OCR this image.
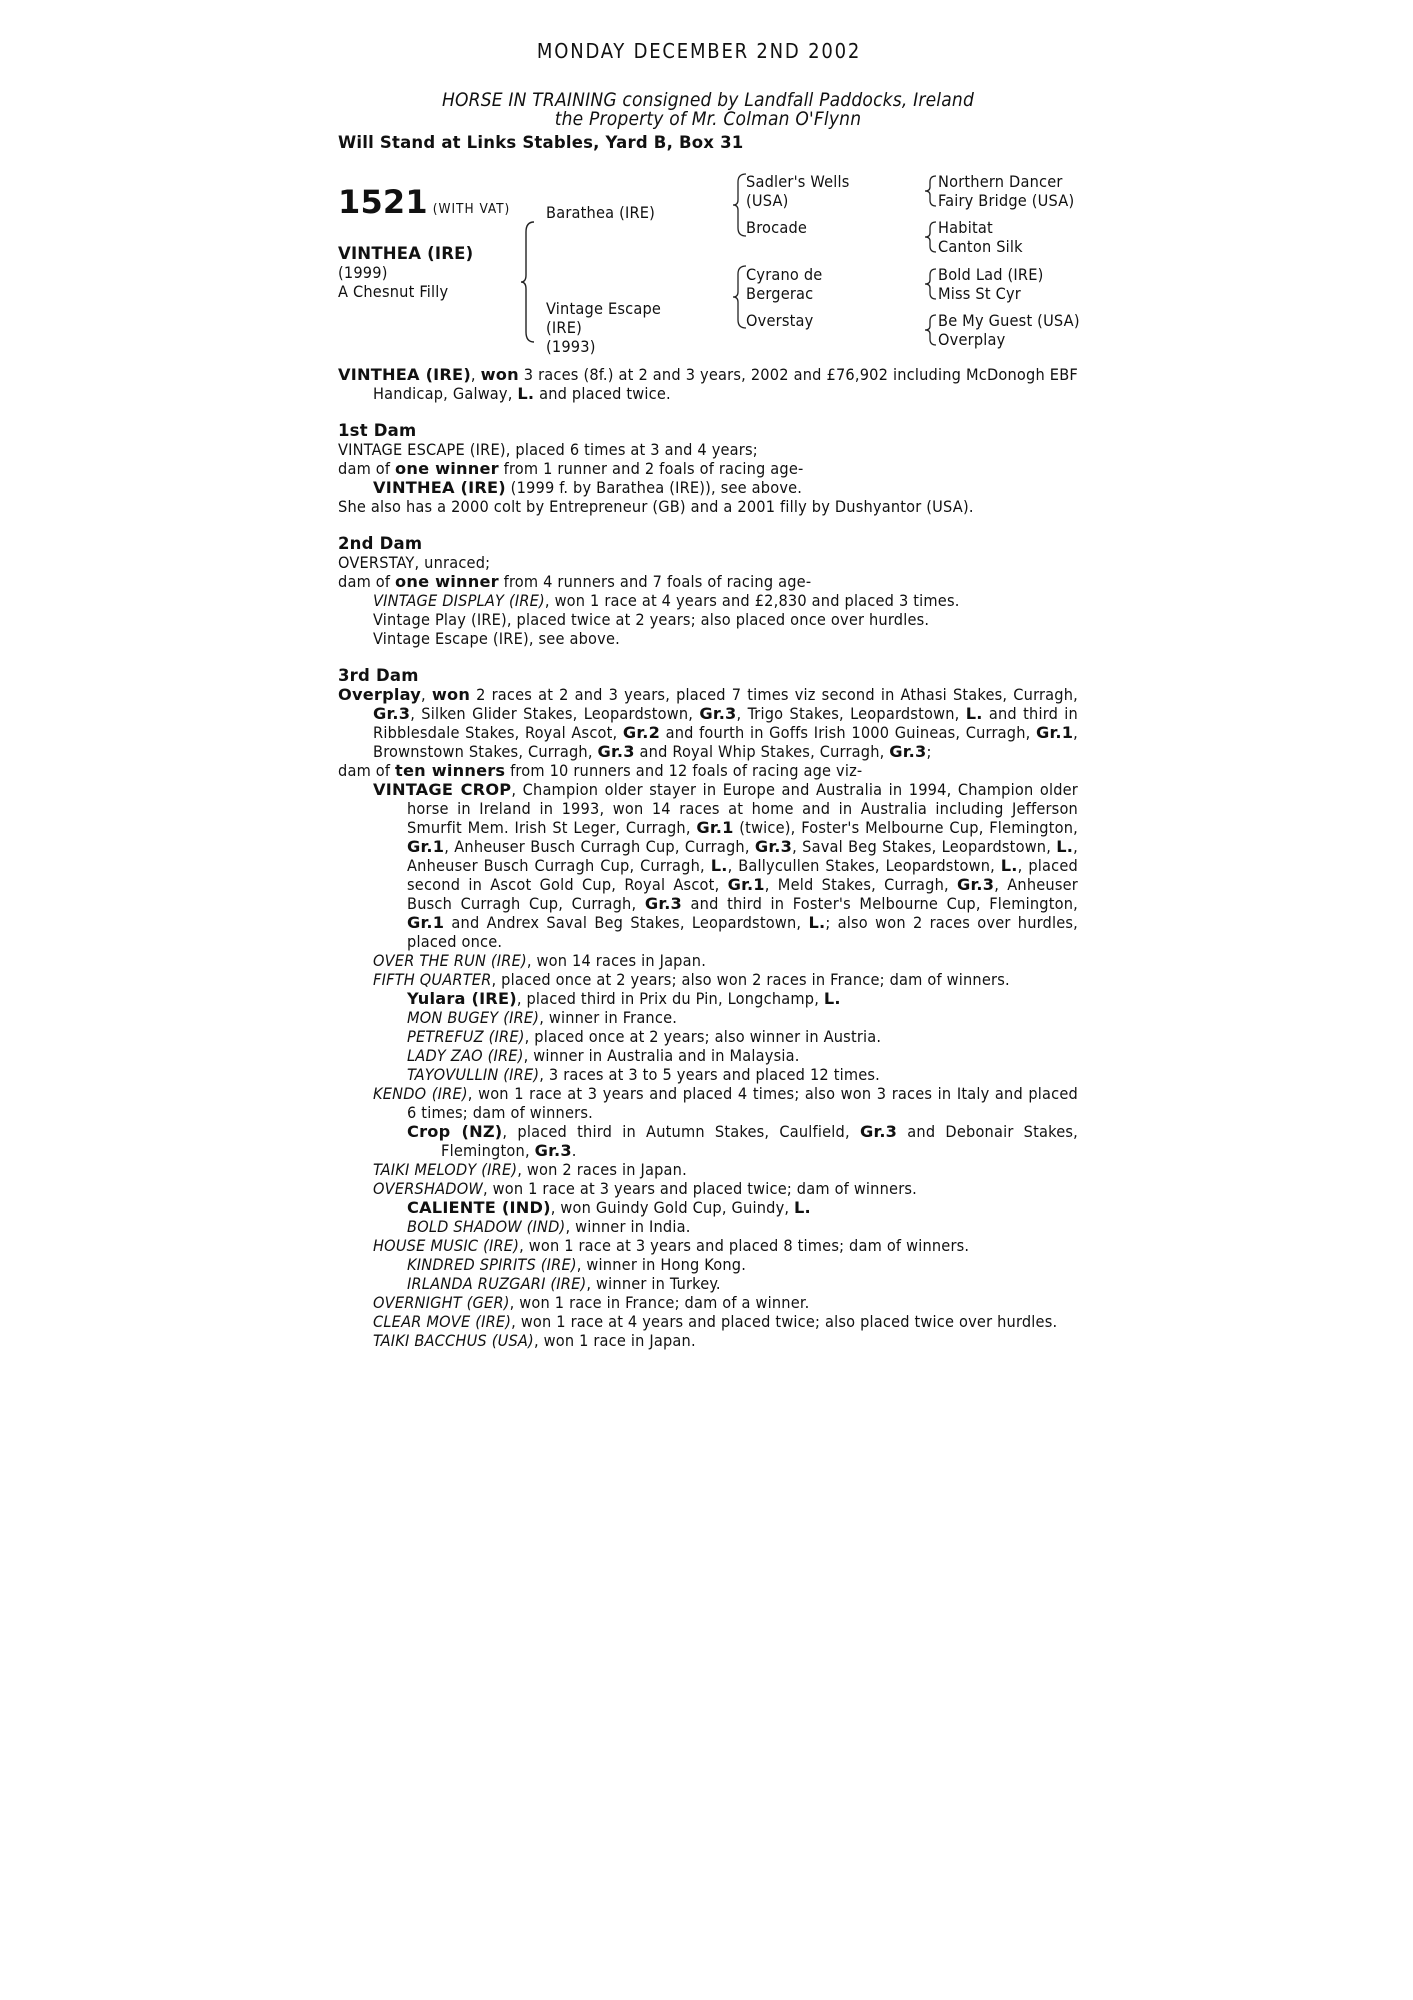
MONDAY DECEMBER 2ND 2002
HORSE IN TRAINING consigned by Landfall Paddocks, Ireland
the Property of Mr. Colman O'Flynn
Will Stand at Links Stables, Yard B, Box 31
1521 (WITH VAT)
VINTHEA (IRE)
(1999)
A Chesnut Filly
Barathea (IRE)
Vintage Escape
(IRE)
(1993)
Sadler's Wells
(USA)
Brocade
Cyrano de
Bergerac
Overstay
Northern Dancer
Fairy Bridge (USA)
Habitat
Canton Silk
Bold Lad (IRE)
Miss St Cyr
Be My Guest (USA)
Overplay
VINTHEA (IRE), won 3 races (8f.) at 2 and 3 years, 2002 and £76,902 including McDonogh EBF Handicap, Galway, L. and placed twice.
1st Dam
VINTAGE ESCAPE (IRE), placed 6 times at 3 and 4 years;
dam of one winner from 1 runner and 2 foals of racing age-
VINTHEA (IRE) (1999 f. by Barathea (IRE)), see above.
She also has a 2000 colt by Entrepreneur (GB) and a 2001 filly by Dushyantor (USA).
2nd Dam
OVERSTAY, unraced;
dam of one winner from 4 runners and 7 foals of racing age-
VINTAGE DISPLAY (IRE), won 1 race at 4 years and £2,830 and placed 3 times.
Vintage Play (IRE), placed twice at 2 years; also placed once over hurdles.
Vintage Escape (IRE), see above.
3rd Dam
Overplay, won 2 races at 2 and 3 years, placed 7 times viz second in Athasi Stakes, Curragh, Gr.3, Silken Glider Stakes, Leopardstown, Gr.3, Trigo Stakes, Leopardstown, L. and third in Ribblesdale Stakes, Royal Ascot, Gr.2 and fourth in Goffs Irish 1000 Guineas, Curragh, Gr.1, Brownstown Stakes, Curragh, Gr.3 and Royal Whip Stakes, Curragh, Gr.3;
dam of ten winners from 10 runners and 12 foals of racing age viz-
VINTAGE CROP, Champion older stayer in Europe and Australia in 1994, Champion older horse in Ireland in 1993, won 14 races at home and in Australia including Jefferson Smurfit Mem. Irish St Leger, Curragh, Gr.1 (twice), Foster's Melbourne Cup, Flemington, Gr.1, Anheuser Busch Curragh Cup, Curragh, Gr.3, Saval Beg Stakes, Leopardstown, L., Anheuser Busch Curragh Cup, Curragh, L., Ballycullen Stakes, Leopardstown, L., placed second in Ascot Gold Cup, Royal Ascot, Gr.1, Meld Stakes, Curragh, Gr.3, Anheuser Busch Curragh Cup, Curragh, Gr.3 and third in Foster's Melbourne Cup, Flemington, Gr.1 and Andrex Saval Beg Stakes, Leopardstown, L.; also won 2 races over hurdles, placed once.
OVER THE RUN (IRE), won 14 races in Japan.
FIFTH QUARTER, placed once at 2 years; also won 2 races in France; dam of winners.
Yularа (IRE), placed third in Prix du Pin, Longchamp, L.
MON BUGEY (IRE), winner in France.
PETREFUZ (IRE), placed once at 2 years; also winner in Austria.
LADY ZAO (IRE), winner in Australia and in Malaysia.
TAYOVULLIN (IRE), 3 races at 3 to 5 years and placed 12 times.
KENDO (IRE), won 1 race at 3 years and placed 4 times; also won 3 races in Italy and placed 6 times; dam of winners.
Crop (NZ), placed third in Autumn Stakes, Caulfield, Gr.3 and Debonair Stakes, Flemington, Gr.3.
TAIKI MELODY (IRE), won 2 races in Japan.
OVERSHADOW, won 1 race at 3 years and placed twice; dam of winners.
CALIENTE (IND), won Guindy Gold Cup, Guindy, L.
BOLD SHADOW (IND), winner in India.
HOUSE MUSIC (IRE), won 1 race at 3 years and placed 8 times; dam of winners.
KINDRED SPIRITS (IRE), winner in Hong Kong.
IRLANDA RUZGARI (IRE), winner in Turkey.
OVERNIGHT (GER), won 1 race in France; dam of a winner.
CLEAR MOVE (IRE), won 1 race at 4 years and placed twice; also placed twice over hurdles.
TAIKI BACCHUS (USA), won 1 race in Japan.
